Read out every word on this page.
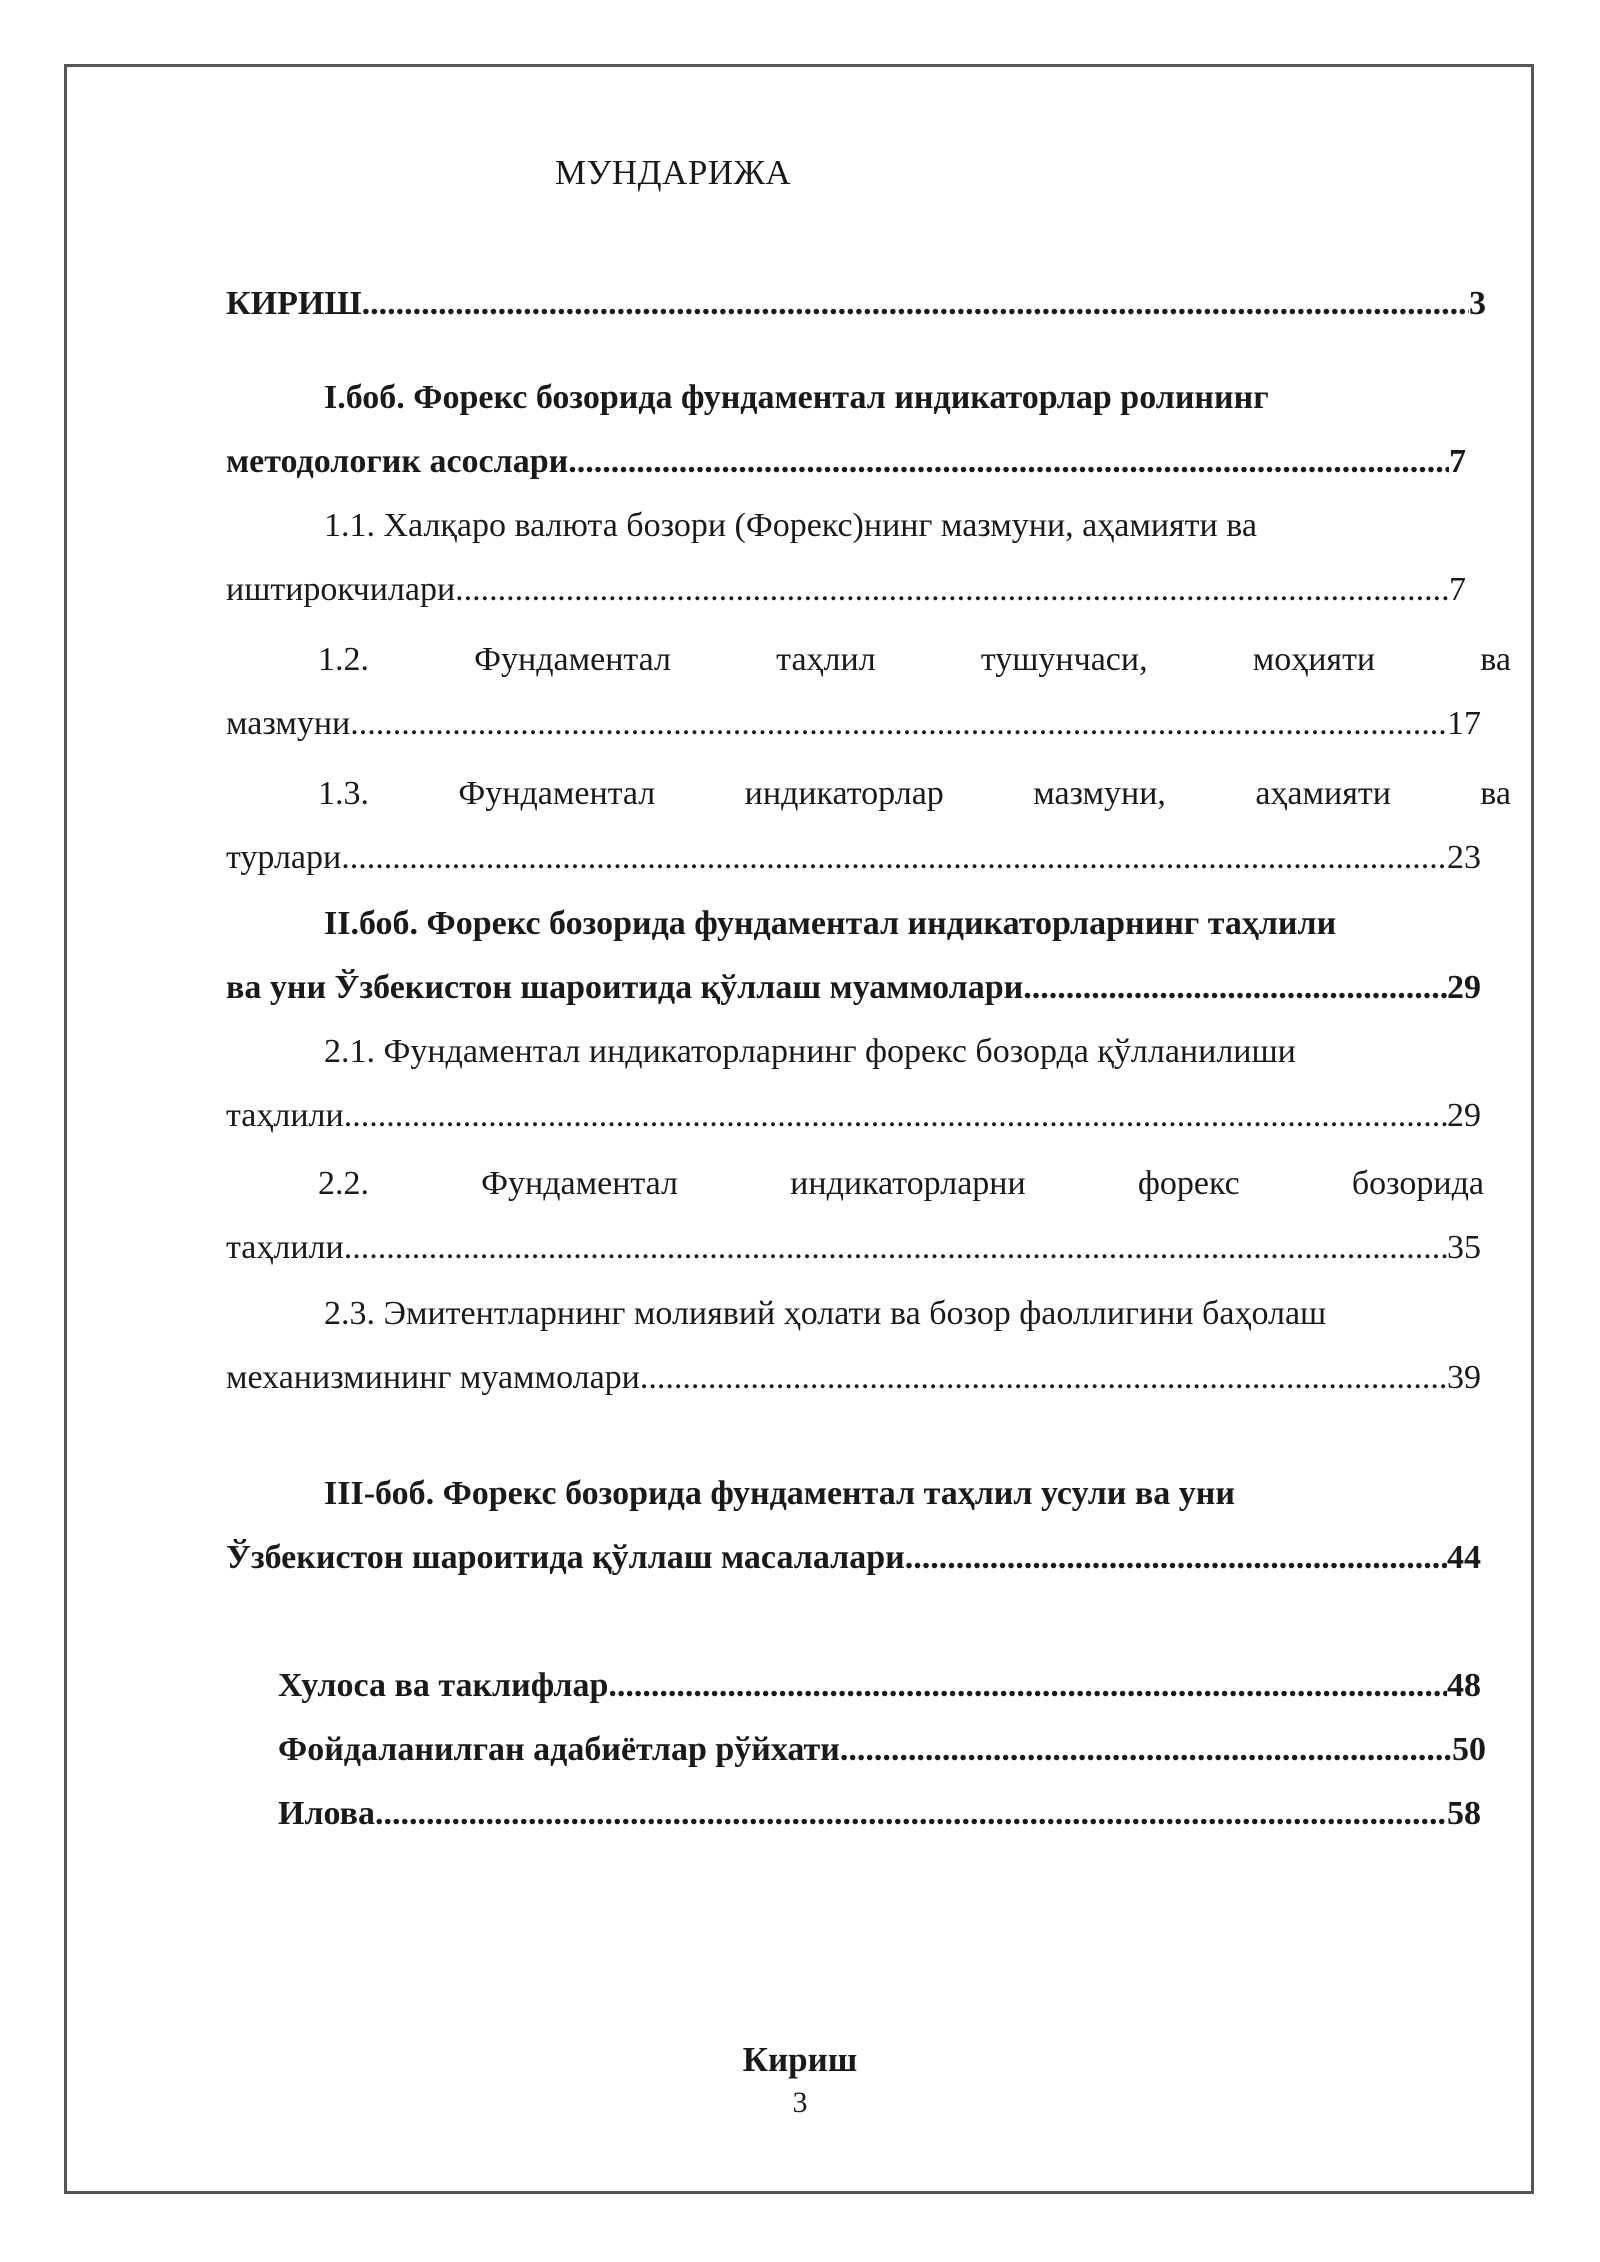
МУНДАРИЖА
КИРИШ .....	3
I.боб. Форекс бозорида фундаментал индикаторлар ролининг
методологик асослари .....	7
1.1. Халқаро валюта бозори (Форекс)нинг мазмуни, аҳамияти ва
иштирокчилари .....	7
1.2.	Фундаментал	таҳлил	тушунчаси,	моҳияти	ва
мазмуни .....	17
1.3.	Фундаментал	индикаторлар	мазмуни,	аҳамияти	ва
турлари .....	23
II.боб. Форекс бозорида фундаментал индикаторларнинг таҳлили
ва уни Ўзбекистон шароитида қўллаш муаммолари .....	29
2.1. Фундаментал индикаторларнинг форекс бозорда қўлланилиши
таҳлили .....	29
2.2.	Фундаментал	индикаторларни	форекс	бозорида
таҳлили .....	35
2.3. Эмитентларнинг молиявий ҳолати ва бозор фаоллигини баҳолаш
механизмининг муаммолари .....	39
III-боб. Форекс бозорида фундаментал таҳлил усули ва уни
Ўзбекистон шароитида қўллаш масалалари .....	44
Хулоса ва таклифлар .....	48
Фойдаланилган адабиётлар рўйхати .....	50
Илова .....	58
Кириш
3
